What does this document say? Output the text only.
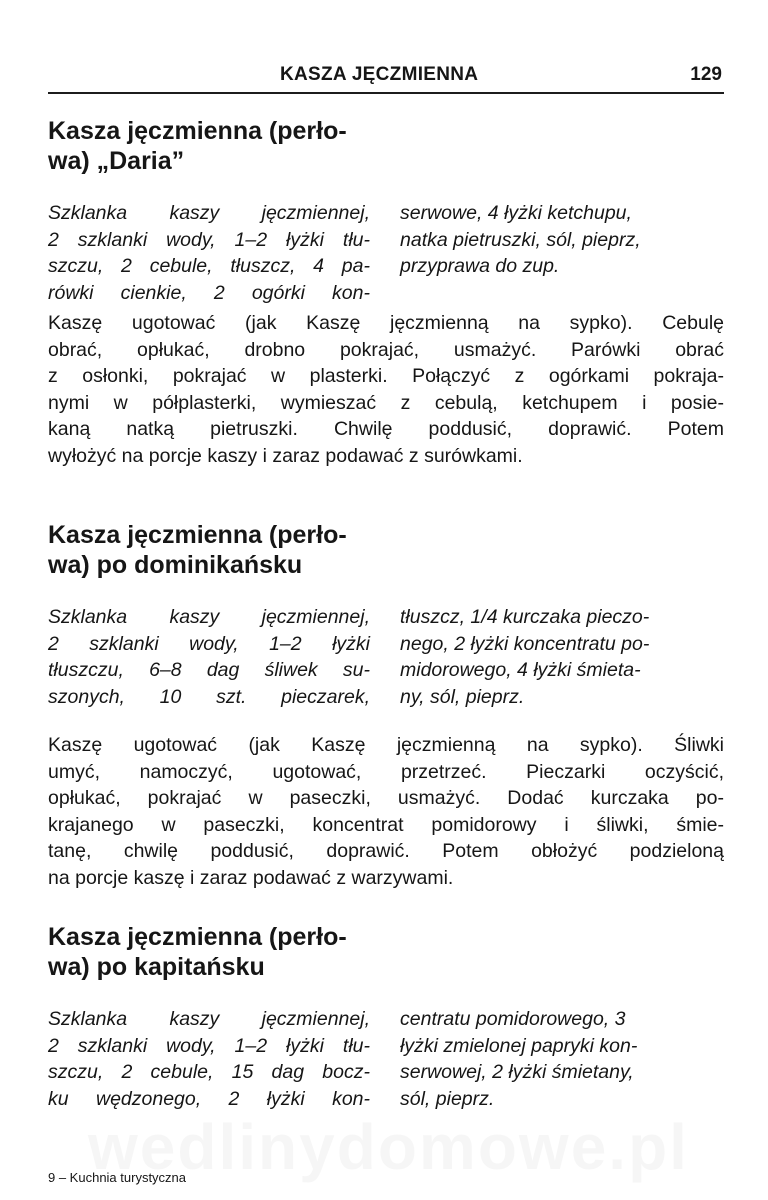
KASZA JĘCZMIENNA	129
Kasza jęczmienna (perło-
wa) „Daria”
Szklanka kaszy jęczmiennej,
2 szklanki wody, 1–2 łyżki tłu-
szczu, 2 cebule, tłuszcz, 4 pa-
rówki cienkie, 2 ogórki kon-
serwowe, 4 łyżki ketchupu,
natka pietruszki, sól, pieprz,
przyprawa do zup.
Kaszę ugotować (jak Kaszę jęczmienną na sypko). Cebulę
obrać, opłukać, drobno pokrajać, usmażyć. Parówki obrać
z osłonki, pokrajać w plasterki. Połączyć z ogórkami pokraja-
nymi w półplasterki, wymieszać z cebulą, ketchupem i posie-
kaną natką pietruszki. Chwilę poddusić, doprawić. Potem
wyłożyć na porcje kaszy i zaraz podawać z surówkami.
Kasza jęczmienna (perło-
wa) po dominikańsku
Szklanka kaszy jęczmiennej,
2 szklanki wody, 1–2 łyżki
tłuszczu, 6–8 dag śliwek su-
szonych, 10 szt. pieczarek,
tłuszcz, 1/4 kurczaka pieczo-
nego, 2 łyżki koncentratu po-
midorowego, 4 łyżki śmieta-
ny, sól, pieprz.
Kaszę ugotować (jak Kaszę jęczmienną na sypko). Śliwki
umyć, namoczyć, ugotować, przetrzeć. Pieczarki oczyścić,
opłukać, pokrajać w paseczki, usmażyć. Dodać kurczaka po-
krajanego w paseczki, koncentrat pomidorowy i śliwki, śmie-
tanę, chwilę poddusić, doprawić. Potem obłożyć podzieloną
na porcje kaszę i zaraz podawać z warzywami.
Kasza jęczmienna (perło-
wa) po kapitańsku
Szklanka kaszy jęczmiennej,
2 szklanki wody, 1–2 łyżki tłu-
szczu, 2 cebule, 15 dag bocz-
ku wędzonego, 2 łyżki kon-
centratu pomidorowego, 3
łyżki zmielonej papryki kon-
serwowej, 2 łyżki śmietany,
sól, pieprz.
9 – Kuchnia turystyczna
